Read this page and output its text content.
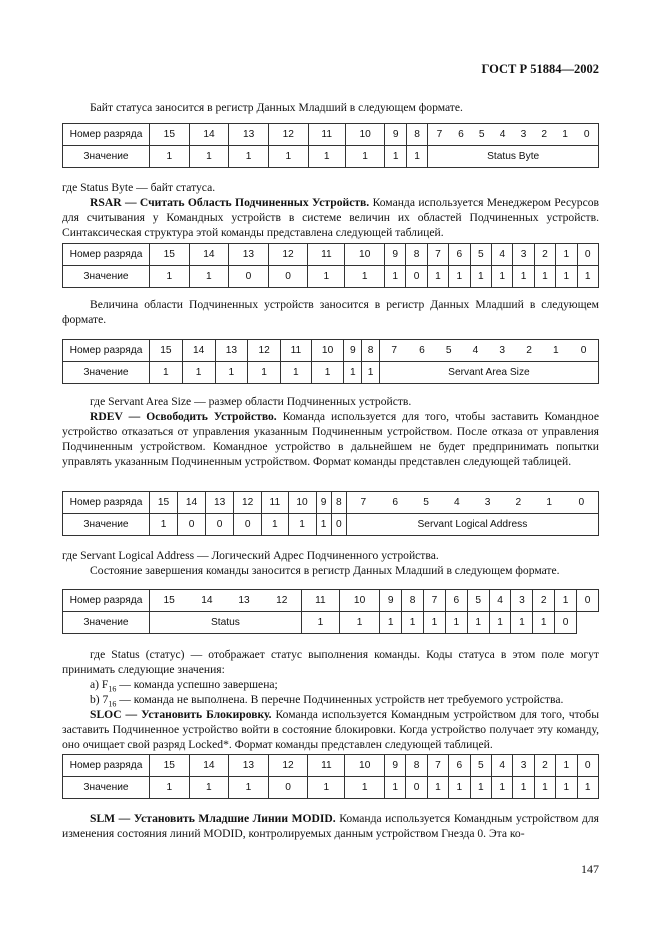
ГОСТ Р 51884—2002

Байт статуса заносится в регистр Данных Младший в следующем формате.

Номер разряда	15	14	13	12	11	10	9	8	7	6	5	4	3	2	1	0
Значение	1	1	1	1	1	1	1	1	Status Byte							

где Status Byte — байт статуса.

RSAR — Считать Область Подчиненных Устройств. Команда используется Менеджером Ресурсов для считывания у Командных устройств в системе величин их областей Подчиненных устройств. Синтаксическая структура этой команды представлена следующей таблицей.

Номер разряда	15	14	13	12	11	10	9	8	7	6	5	4	3	2	1	0
Значение	1	1	0	0	1	1	1	0	1	1	1	1	1	1	1	1

Величина области Подчиненных устройств заносится в регистр Данных Младший в следующем формате.

Номер разряда	15	14	13	12	11	10	9	8	7	6	5	4	3	2	1	0
Значение	1	1	1	1	1	1	1	1	Servant Area Size							

где Servant Area Size — размер области Подчиненных устройств.

RDEV — Освободить Устройство. Команда используется для того, чтобы заставить Командное устройство отказаться от управления указанным Подчиненным устройством. После отказа от управления Подчиненным устройством. Командное устройство в дальнейшем не будет предпринимать попытки управлять указанным Подчиненным устройством. Формат команды представлен следующей таблицей.

Номер разряда	15	14	13	12	11	10	9	8	7	6	5	4	3	2	1	0
Значение	1	0	0	0	1	1	1	0	Servant Logical Address							

где Servant Logical Address — Логический Адрес Подчиненного устройства.

Состояние завершения команды заносится в регистр Данных Младший в следующем формате.

Номер разряда	15	14	13	12	11	10	9	8	7	6	5	4	3	2	1	0
Значение	Status				1	1	1	1	1	1	1	1	1	1	0	

где Status (статус) — отображает статус выполнения команды. Коды статуса в этом поле могут принимать следующие значения:

a) $F_{16}$ — команда успешно завершена;

b) $7_{16}$ — команда не выполнена. В перечне Подчиненных устройств нет требуемого устройства.

SLOC — Установить Блокировку. Команда используется Командным устройством для того, чтобы заставить Подчиненное устройство войти в состояние блокировки. Когда устройство получает эту команду, оно очищает свой разряд Locked*. Формат команды представлен следующей таблицей.

Номер разряда	15	14	13	12	11	10	9	8	7	6	5	4	3	2	1	0
Значение	1	1	1	0	1	1	1	0	1	1	1	1	1	1	1	1

SLM — Установить Младшие Линии MODID. Команда используется Командным устройством для изменения состояния линий MODID, контролируемых данным устройством Гнезда 0. Эта ко-

147
